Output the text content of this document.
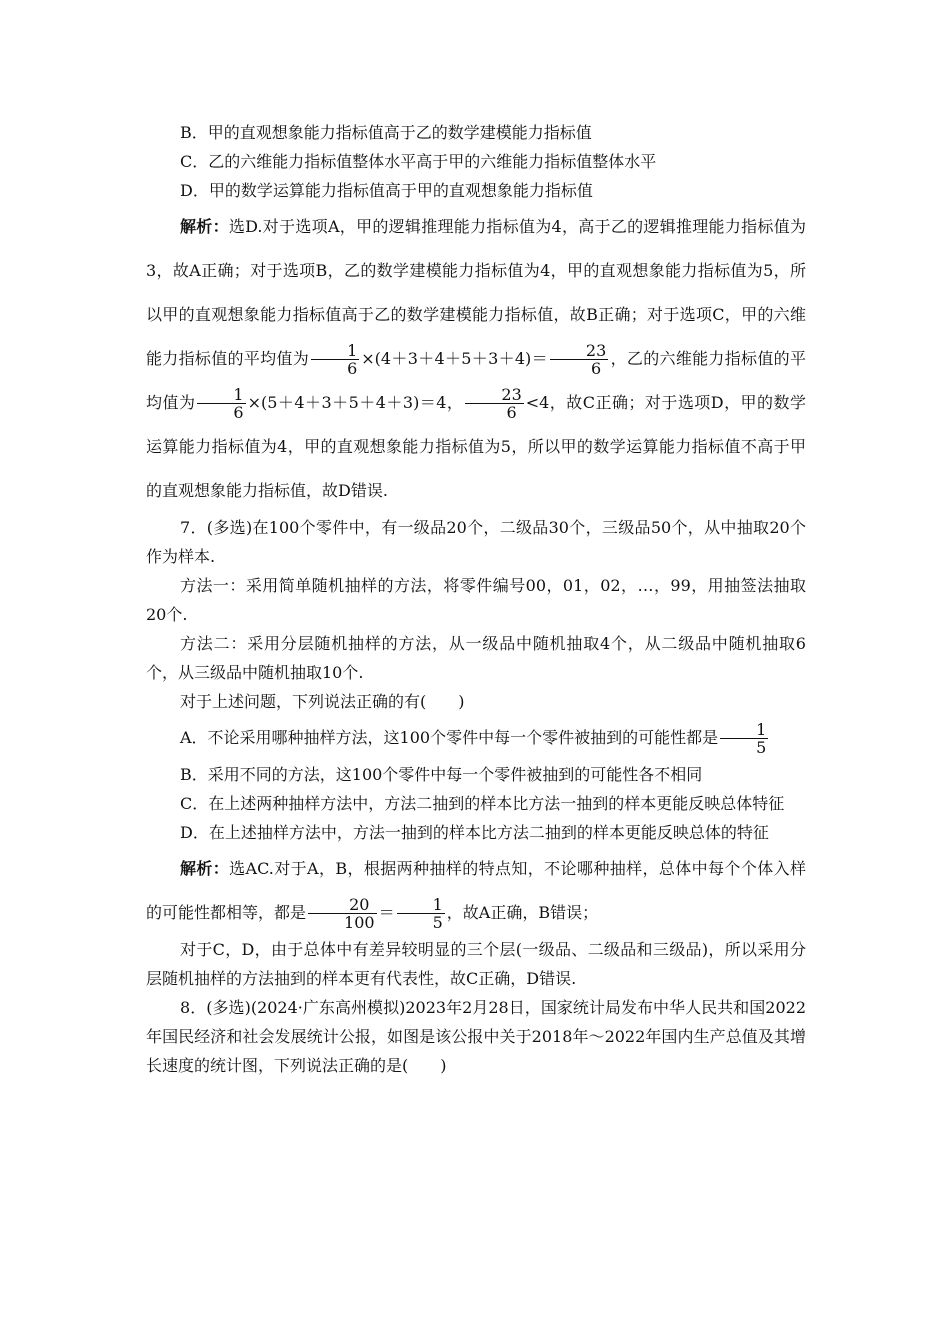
B．甲的直观想象能力指标值高于乙的数学建模能力指标值

C．乙的六维能力指标值整体水平高于甲的六维能力指标值整体水平

D．甲的数学运算能力指标值高于甲的直观想象能力指标值

解析：选D.对于选项A，甲的逻辑推理能力指标值为4，高于乙的逻辑推理能力指标值为3，故A正确；对于选项B，乙的数学建模能力指标值为4，甲的直观想象能力指标值为5，所以甲的直观想象能力指标值高于乙的数学建模能力指标值，故B正确；对于选项C，甲的六维能力指标值的平均值为 $\frac{1}{6} \times(4+3+4+5+3+4)= \frac{23}{6}$ ，乙的六维能力指标值的平均值为 $\frac{1}{6} \times(5+4+3+5+4+3)=4$， $\frac{23}{6} <4$，故C正确；对于选项D，甲的数学运算能力指标值为4，甲的直观想象能力指标值为5，所以甲的数学运算能力指标值不高于甲的直观想象能力指标值，故D错误.

7．(多选)在100个零件中，有一级品20个，二级品30个，三级品50个，从中抽取20个作为样本.

方法一：采用简单随机抽样的方法，将零件编号00，01，02，…，99，用抽签法抽取20个.

方法二：采用分层随机抽样的方法，从一级品中随机抽取4个，从二级品中随机抽取6个，从三级品中随机抽取10个.

对于上述问题，下列说法正确的有(　　)

A．不论采用哪种抽样方法，这100个零件中每一个零件被抽到的可能性都是 $\frac{1}{5}$

B．采用不同的方法，这100个零件中每一个零件被抽到的可能性各不相同

C．在上述两种抽样方法中，方法二抽到的样本比方法一抽到的样本更能反映总体特征

D．在上述抽样方法中，方法一抽到的样本比方法二抽到的样本更能反映总体的特征

解析：选AC.对于A，B，根据两种抽样的特点知，不论哪种抽样，总体中每个个体入样的可能性都相等，都是 $\frac{20}{100} = \frac{1}{5}$ ，故A正确，B错误；

对于C，D，由于总体中有差异较明显的三个层(一级品、二级品和三级品)，所以采用分层随机抽样的方法抽到的样本更有代表性，故C正确，D错误.

8．(多选)(2024·广东高州模拟)2023年2月28日，国家统计局发布中华人民共和国2022年国民经济和社会发展统计公报，如图是该公报中关于2018年～2022年国内生产总值及其增长速度的统计图，下列说法正确的是(　　)
